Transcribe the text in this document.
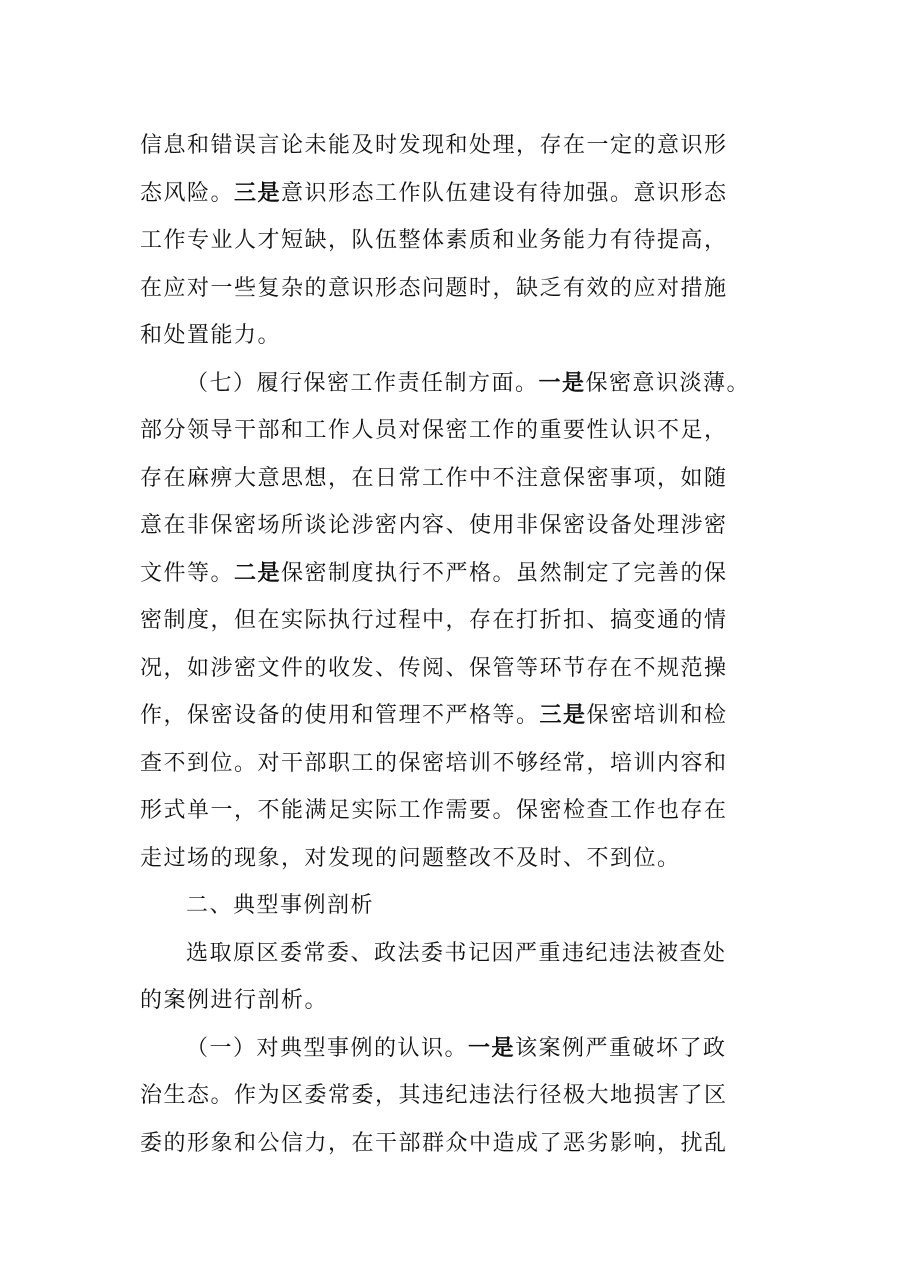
信息和错误言论未能及时发现和处理，存在一定的意识形
态风险。三是意识形态工作队伍建设有待加强。意识形态
工作专业人才短缺，队伍整体素质和业务能力有待提高，
在应对一些复杂的意识形态问题时，缺乏有效的应对措施
和处置能力。
（七）履行保密工作责任制方面。一是保密意识淡薄。
部分领导干部和工作人员对保密工作的重要性认识不足，
存在麻痹大意思想，在日常工作中不注意保密事项，如随
意在非保密场所谈论涉密内容、使用非保密设备处理涉密
文件等。二是保密制度执行不严格。虽然制定了完善的保
密制度，但在实际执行过程中，存在打折扣、搞变通的情
况，如涉密文件的收发、传阅、保管等环节存在不规范操
作，保密设备的使用和管理不严格等。三是保密培训和检
查不到位。对干部职工的保密培训不够经常，培训内容和
形式单一，不能满足实际工作需要。保密检查工作也存在
走过场的现象，对发现的问题整改不及时、不到位。
二、典型事例剖析
选取原区委常委、政法委书记因严重违纪违法被查处
的案例进行剖析。
（一）对典型事例的认识。一是该案例严重破坏了政
治生态。作为区委常委，其违纪违法行径极大地损害了区
委的形象和公信力，在干部群众中造成了恶劣影响，扰乱
